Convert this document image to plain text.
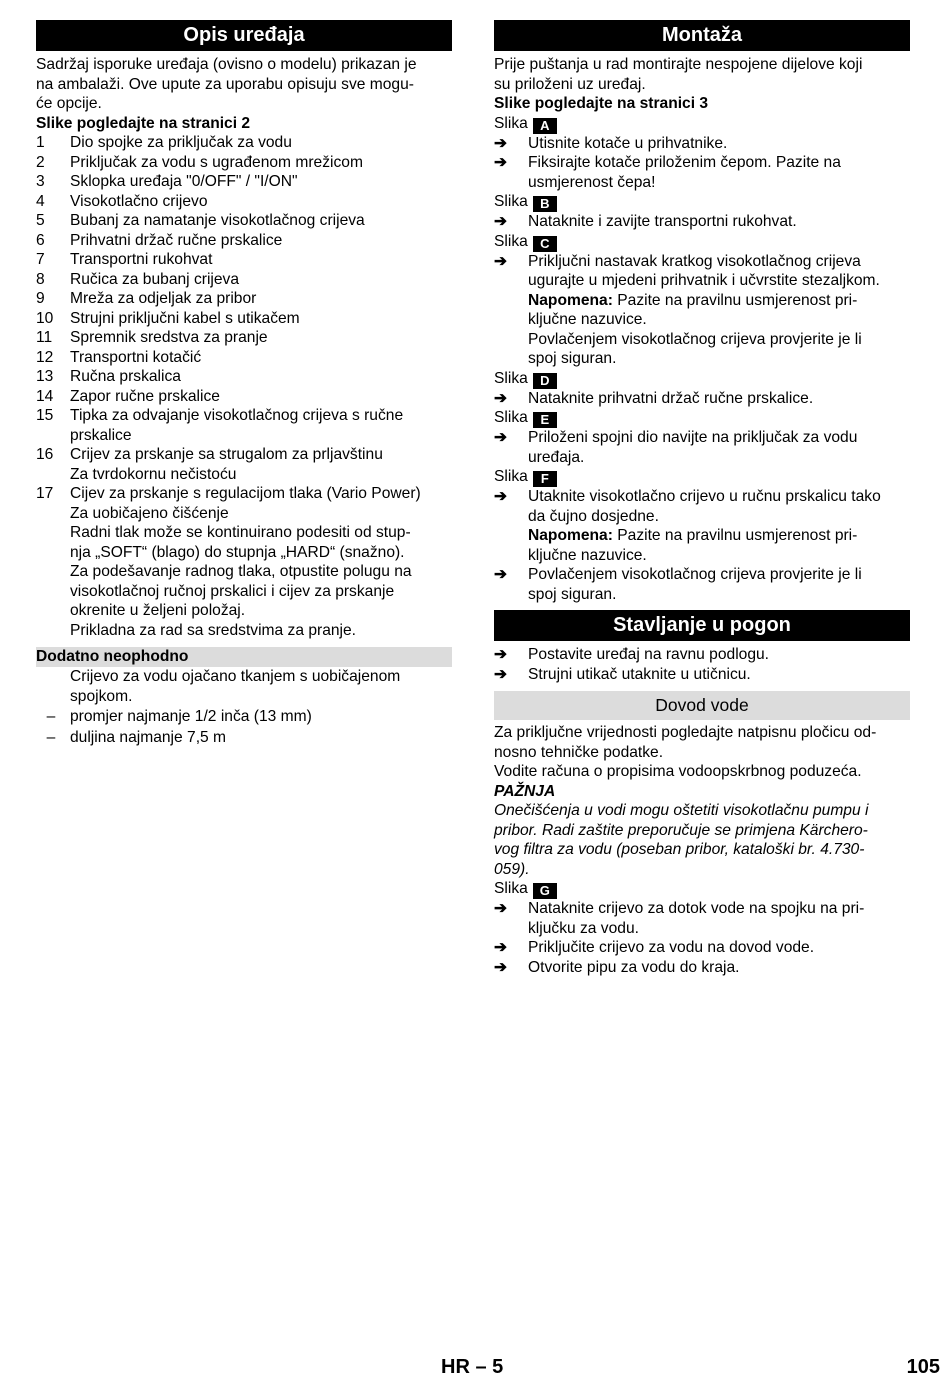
Opis uređaja
Sadržaj isporuke uređaja (ovisno o modelu) prikazan je
na ambalaži. Ove upute za uporabu opisuju sve mogu-
će opcije.
Slike pogledajte na stranici 2
1	Dio spojke za priključak za vodu
2	Priključak za vodu s ugrađenom mrežicom
3	Sklopka uređaja "0/OFF" / "I/ON"
4	Visokotlačno crijevo
5	Bubanj za namatanje visokotlačnog crijeva
6	Prihvatni držač ručne prskalice
7	Transportni rukohvat
8	Ručica za bubanj crijeva
9	Mreža za odjeljak za pribor
10	Strujni priključni kabel s utikačem
11	Spremnik sredstva za pranje
12	Transportni kotačić
13	Ručna prskalica
14	Zapor ručne prskalice
15	Tipka za odvajanje visokotlačnog crijeva s ručne
prskalice
16	Crijev za prskanje sa strugalom za prljavštinu
Za tvrdokornu nečistoću
17	Cijev za prskanje s regulacijom tlaka (Vario Power)
Za uobičajeno čišćenje
Radni tlak može se kontinuirano podesiti od stup-
nja „SOFT“ (blago) do stupnja „HARD“ (snažno).
Za podešavanje radnog tlaka, otpustite polugu na
visokotlačnoj ručnoj prskalici i cijev za prskanje
okrenite u željeni položaj.
Prikladna za rad sa sredstvima za pranje.
Dodatno neophodno
Crijevo za vodu ojačano tkanjem s uobičajenom
spojkom.
– promjer najmanje 1/2 inča (13 mm)
– duljina najmanje 7,5 m
Montaža
Prije puštanja u rad montirajte nespojene dijelove koji
su priloženi uz uređaj.
Slike pogledajte na stranici 3
Slika A
➔	Utisnite kotače u prihvatnike.
➔	Fiksirajte kotače priloženim čepom. Pazite na
usmjerenost čepa!
Slika B
➔	Nataknite i zavijte transportni rukohvat.
Slika C
➔	Priključni nastavak kratkog visokotlačnog crijeva
ugurajte u mjedeni prihvatnik i učvrstite stezaljkom.
Napomena: Pazite na pravilnu usmjerenost pri-
ključne nazuvice.
Povlačenjem visokotlačnog crijeva provjerite je li
spoj siguran.
Slika D
➔	Nataknite prihvatni držač ručne prskalice.
Slika E
➔	Priloženi spojni dio navijte na priključak za vodu
uređaja.
Slika F
➔	Utaknite visokotlačno crijevo u ručnu prskalicu tako
da čujno dosjedne.
Napomena: Pazite na pravilnu usmjerenost pri-
ključne nazuvice.
➔	Povlačenjem visokotlačnog crijeva provjerite je li
spoj siguran.
Stavljanje u pogon
➔	Postavite uređaj na ravnu podlogu.
➔	Strujni utikač utaknite u utičnicu.
Dovod vode
Za priključne vrijednosti pogledajte natpisnu pločicu od-
nosno tehničke podatke.
Vodite računa o propisima vodoopskrbnog poduzeća.
PAŽNJA
Onečišćenja u vodi mogu oštetiti visokotlačnu pumpu i
pribor. Radi zaštite preporučuje se primjena Kärchero-
vog filtra za vodu (poseban pribor, kataloški br. 4.730-
059).
Slika G
➔	Nataknite crijevo za dotok vode na spojku na pri-
ključku za vodu.
➔	Priključite crijevo za vodu na dovod vode.
➔	Otvorite pipu za vodu do kraja.
HR – 5	105
